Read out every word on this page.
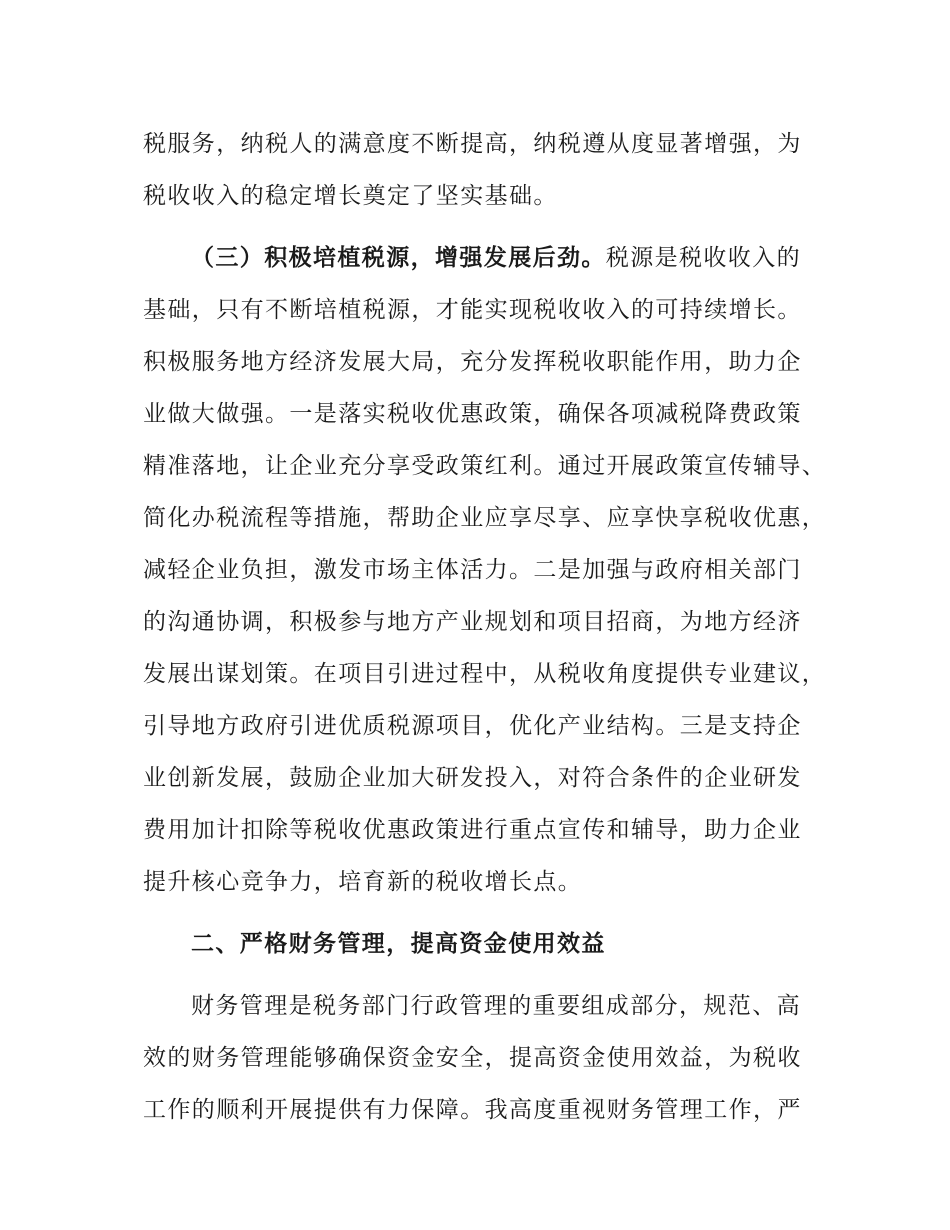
税服务，纳税人的满意度不断提高，纳税遵从度显著增强，为
税收收入的稳定增长奠定了坚实基础。
（三）积极培植税源，增强发展后劲。税源是税收收入的
基础，只有不断培植税源，才能实现税收收入的可持续增长。
积极服务地方经济发展大局，充分发挥税收职能作用，助力企
业做大做强。一是落实税收优惠政策，确保各项减税降费政策
精准落地，让企业充分享受政策红利。通过开展政策宣传辅导、
简化办税流程等措施，帮助企业应享尽享、应享快享税收优惠，
减轻企业负担，激发市场主体活力。二是加强与政府相关部门
的沟通协调，积极参与地方产业规划和项目招商，为地方经济
发展出谋划策。在项目引进过程中，从税收角度提供专业建议，
引导地方政府引进优质税源项目，优化产业结构。三是支持企
业创新发展，鼓励企业加大研发投入，对符合条件的企业研发
费用加计扣除等税收优惠政策进行重点宣传和辅导，助力企业
提升核心竞争力，培育新的税收增长点。
二、严格财务管理，提高资金使用效益
财务管理是税务部门行政管理的重要组成部分，规范、高
效的财务管理能够确保资金安全，提高资金使用效益，为税收
工作的顺利开展提供有力保障。我高度重视财务管理工作，严
